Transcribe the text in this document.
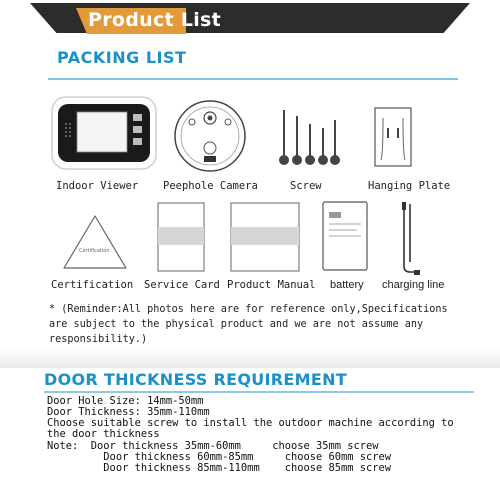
Product List
PACKING LIST
Indoor Viewer Peephole Camera	Screw	Hanging Plate
Certification
Certification Service Card Product Manual battery charging line
* (Reminder:All photos here are for reference only,Specifications are subject to the physical product and we are not assume any responsibility.)
DOOR THICKNESS REQUIREMENT
Door Hole Size: 14mm-50mm
Door Thickness: 35mm-110mm
Choose suitable screw to install the outdoor machine according to
the door thickness
Note:  Door thickness 35mm-60mm     choose 35mm screw
Door thickness 60mm-85mm     choose 60mm screw
Door thickness 85mm-110mm    choose 85mm screw
